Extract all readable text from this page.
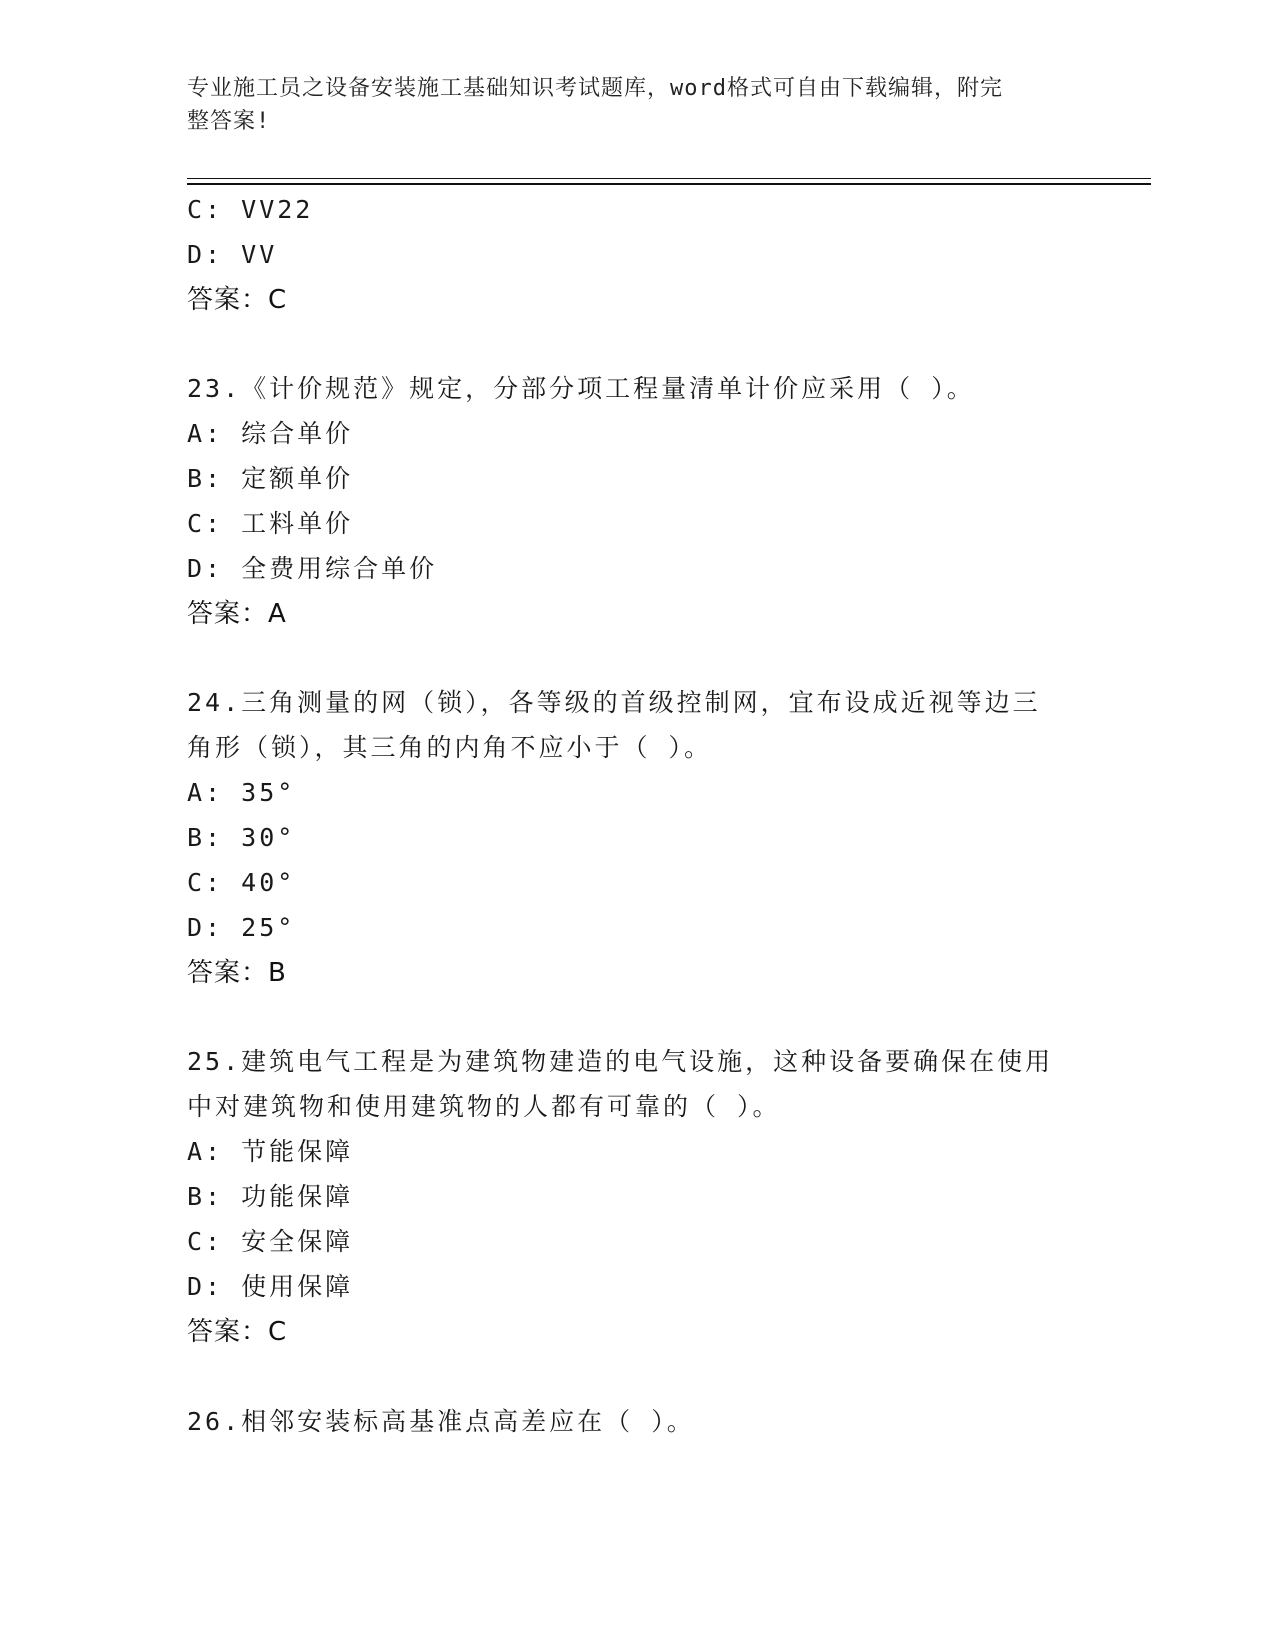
专业施工员之设备安装施工基础知识考试题库，word格式可自由下载编辑，附完
整答案!
C: VV22
D: VV
答案：C
23.《计价规范》规定，分部分项工程量清单计价应采用（ ）。
A: 综合单价
B: 定额单价
C: 工料单价
D: 全费用综合单价
答案：A
24.三角测量的网（锁），各等级的首级控制网，宜布设成近视等边三
角形（锁），其三角的内角不应小于（ ）。
A: 35°
B: 30°
C: 40°
D: 25°
答案：B
25.建筑电气工程是为建筑物建造的电气设施，这种设备要确保在使用
中对建筑物和使用建筑物的人都有可靠的（ ）。
A: 节能保障
B: 功能保障
C: 安全保障
D: 使用保障
答案：C
26.相邻安装标高基准点高差应在（ ）。
